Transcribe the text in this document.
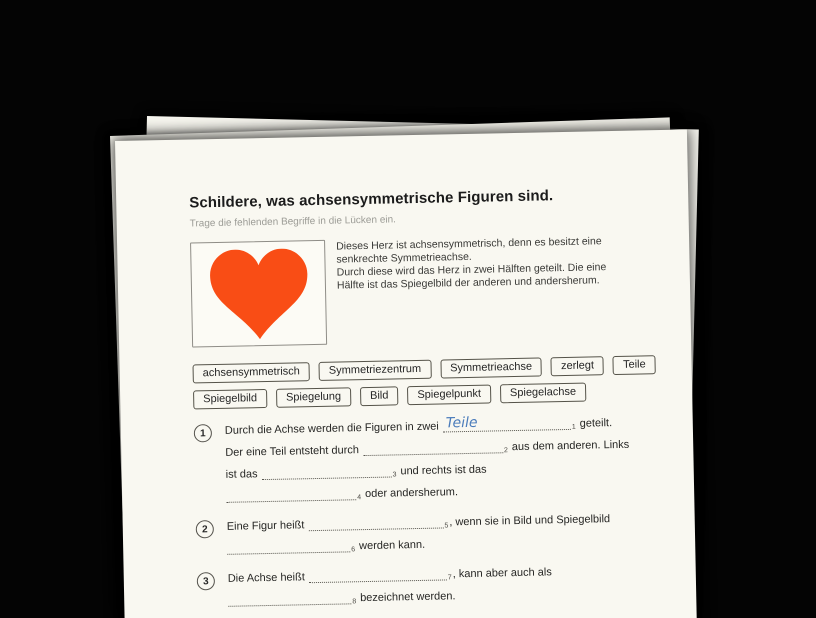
Schildere, was achsensymmetrische Figuren sind.
Trage die fehlenden Begriffe in die Lücken ein.
Dieses Herz ist achsensymmetrisch, denn es besitzt eine senkrechte Symmetrieachse.
Durch diese wird das Herz in zwei Hälften geteilt. Die eine Hälfte ist das Spiegelbild der anderen und andersherum.
achsensymmetrisch	Symmetriezentrum	Symmetrieachse	zerlegt	Teile
Spiegelbild	Spiegelung	Bild	Spiegelpunkt	Spiegelachse
1	Durch die Achse werden die Figuren in zwei Teile	1 geteilt.
Der eine Teil entsteht durch	2 aus dem anderen. Links
ist das	3 und rechts ist das
4 oder andersherum.
2	Eine Figur heißt	5, wenn sie in Bild und Spiegelbild
6 werden kann.
3	Die Achse heißt	7, kann aber auch als
8 bezeichnet werden.
